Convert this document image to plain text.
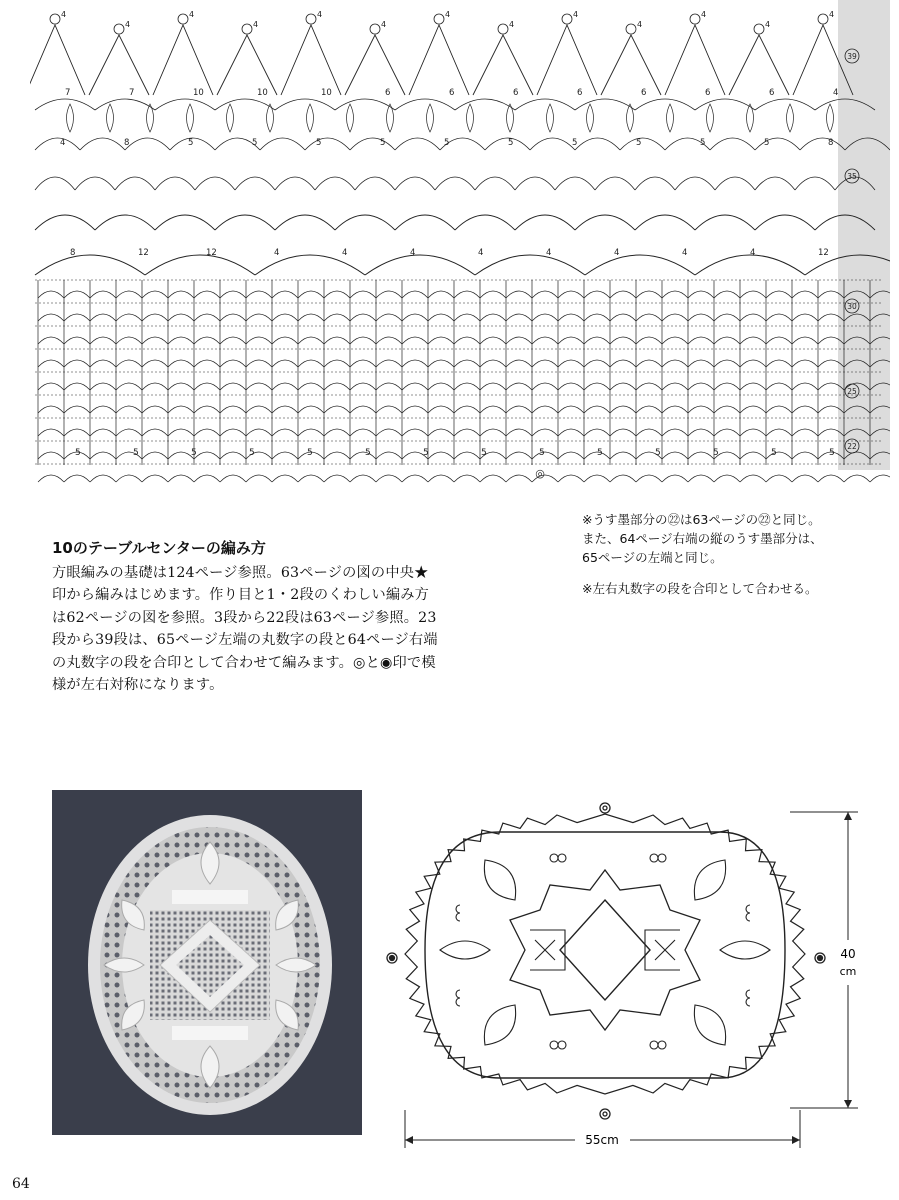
5	5	5	5	5	5	5	5	5	5	5	5	5	5
4
4
4
4
4
4
4
4
4
4
4
4
4
7	7	10	10	10	6	6	6	6	6	6	6	4
4	8	5	5	5	5	5	5	5	5	5	5	8
8	12	12	4	4	4	4	4	4	4	4	12
39
35
30
25
22
◎

※うす墨部分の㉒は63ページの㉒と同じ。
また、64ページ右端の縦のうす墨部分は、
65ページの左端と同じ。

※左右丸数字の段を合印として合わせる。

10のテーブルセンターの編み方

方眼編みの基礎は124ページ参照。63ページの図の中央★印から編みはじめます。作り目と1・2段のくわしい編み方は62ページの図を参照。3段から22段は63ページ参照。23段から39段は、65ページ左端の丸数字の段と64ページ右端の丸数字の段を合印として合わせて編みます。◎と◉印で模様が左右対称になります。

40
cm
55cm
64
